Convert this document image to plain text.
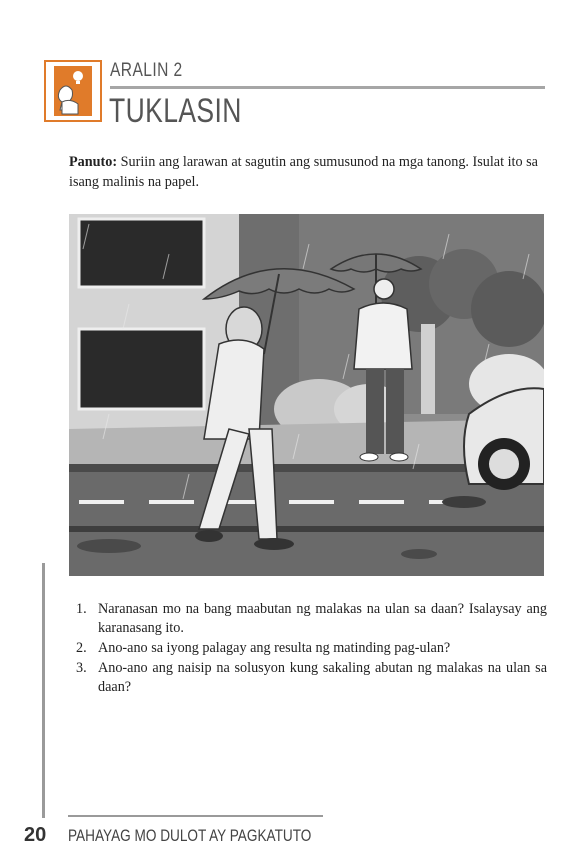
ARALIN 2
TUKLASIN
Panuto: Suriin ang larawan at sagutin ang sumusunod na mga tanong. Isulat ito sa isang malinis na papel.
1. Naranasan mo na bang maabutan ng malakas na ulan sa daan? Isalaysay ang karanasang ito.
2. Ano-ano sa iyong palagay ang resulta ng matinding pag-ulan?
3. Ano-ano ang naisip na solusyon kung sakaling abutan ng malakas na ulan sa daan?
20 PAHAYAG MO DULOT AY PAGKATUTO
